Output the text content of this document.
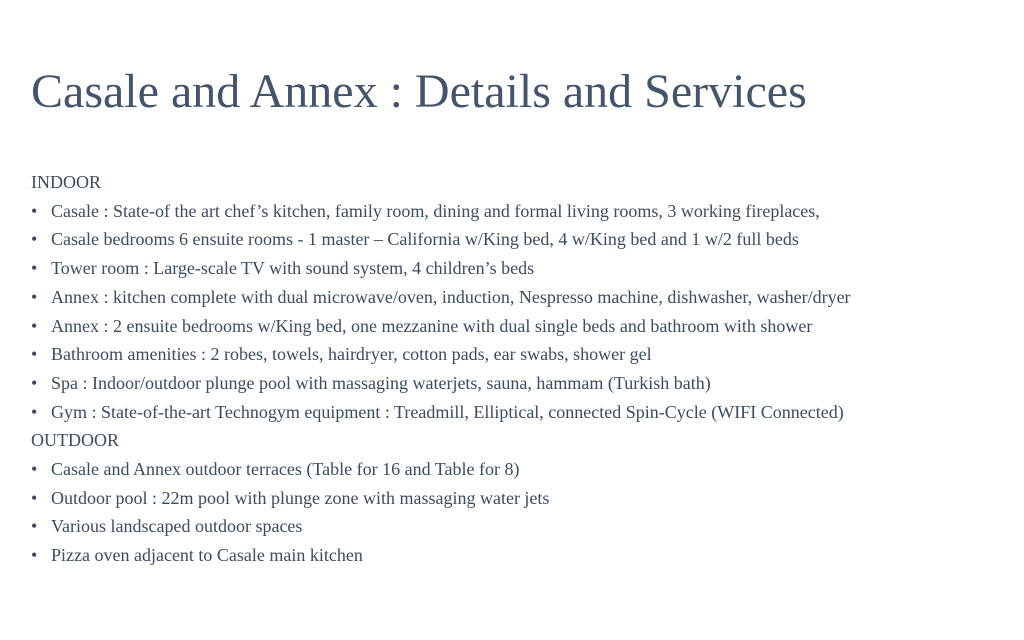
Casale and Annex : Details and Services

INDOOR

• Casale : State-of the art chef’s kitchen, family room, dining and formal living rooms, 3 working fireplaces,
• Casale bedrooms 6 ensuite rooms - 1 master – California w/King bed, 4 w/King bed and 1 w/2 full beds
• Tower room : Large-scale TV with sound system, 4 children’s beds
• Annex : kitchen complete with dual microwave/oven, induction, Nespresso machine, dishwasher, washer/dryer
• Annex : 2 ensuite bedrooms w/King bed, one mezzanine with dual single beds and bathroom with shower
• Bathroom amenities : 2 robes, towels, hairdryer, cotton pads, ear swabs, shower gel
• Spa : Indoor/outdoor plunge pool with massaging waterjets, sauna, hammam (Turkish bath)
• Gym : State-of-the-art Technogym equipment : Treadmill, Elliptical, connected Spin-Cycle (WIFI Connected)

OUTDOOR

• Casale and Annex outdoor terraces (Table for 16 and Table for 8)
• Outdoor pool : 22m pool with plunge zone with massaging water jets
• Various landscaped outdoor spaces
• Pizza oven adjacent to Casale main kitchen
